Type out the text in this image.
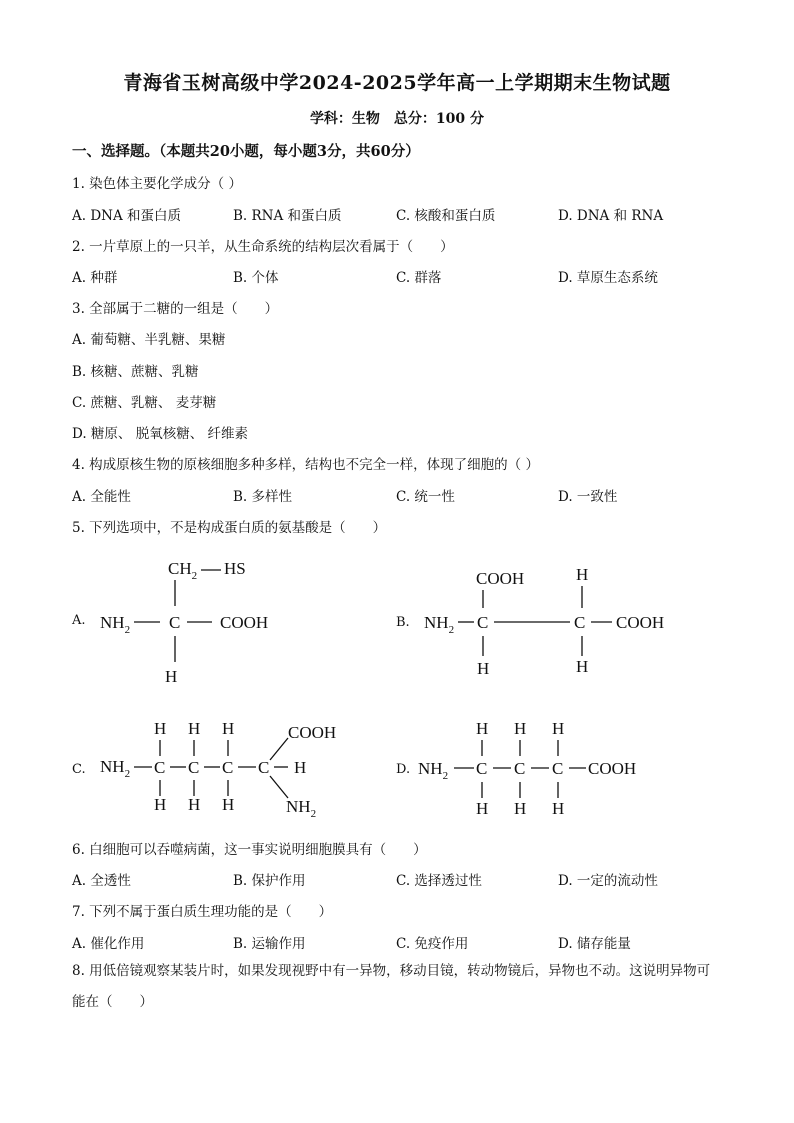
青海省玉树高级中学2024-2025学年高一上学期期末生物试题
学科：生物　总分：100 分
一、选择题。（本题共20小题，每小题3分，共60分）
1. 染色体主要化学成分（ ）
A. DNA 和蛋白质	B. RNA 和蛋白质	C. 核酸和蛋白质	D. DNA 和 RNA
2. 一片草原上的一只羊，从生命系统的结构层次看属于（　　）
A. 种群	B. 个体	C. 群落	D. 草原生态系统
3. 全部属于二糖的一组是（　　）
A. 葡萄糖、半乳糖、果糖
B. 核糖、蔗糖、乳糖
C. 蔗糖、乳糖、 麦芽糖
D. 糖原、 脱氧核糖、 纤维素
4. 构成原核生物的原核细胞多种多样，结构也不完全一样，体现了细胞的（ ）
A. 全能性	B. 多样性	C. 统一性	D. 一致性
5. 下列选项中，不是构成蛋白质的氨基酸是（　　）
A.
$CH_2$ HS
$NH_2$ C COOH
H
B.
COOH	H
$NH_2$ C	C COOH
H	H
C.
H H H	COOH
$NH_2$ C C C C H
H H H	$NH_2$
D.
H H H
$NH_2$ C C C COOH
H H H
6. 白细胞可以吞噬病菌，这一事实说明细胞膜具有（　　）
A. 全透性	B. 保护作用	C. 选择透过性	D. 一定的流动性
7. 下列不属于蛋白质生理功能的是（　　）
A. 催化作用	B. 运输作用	C. 免疫作用	D. 储存能量
8. 用低倍镜观察某装片时，如果发现视野中有一异物，移动目镜，转动物镜后，异物也不动。这说明异物可能在（　　）
